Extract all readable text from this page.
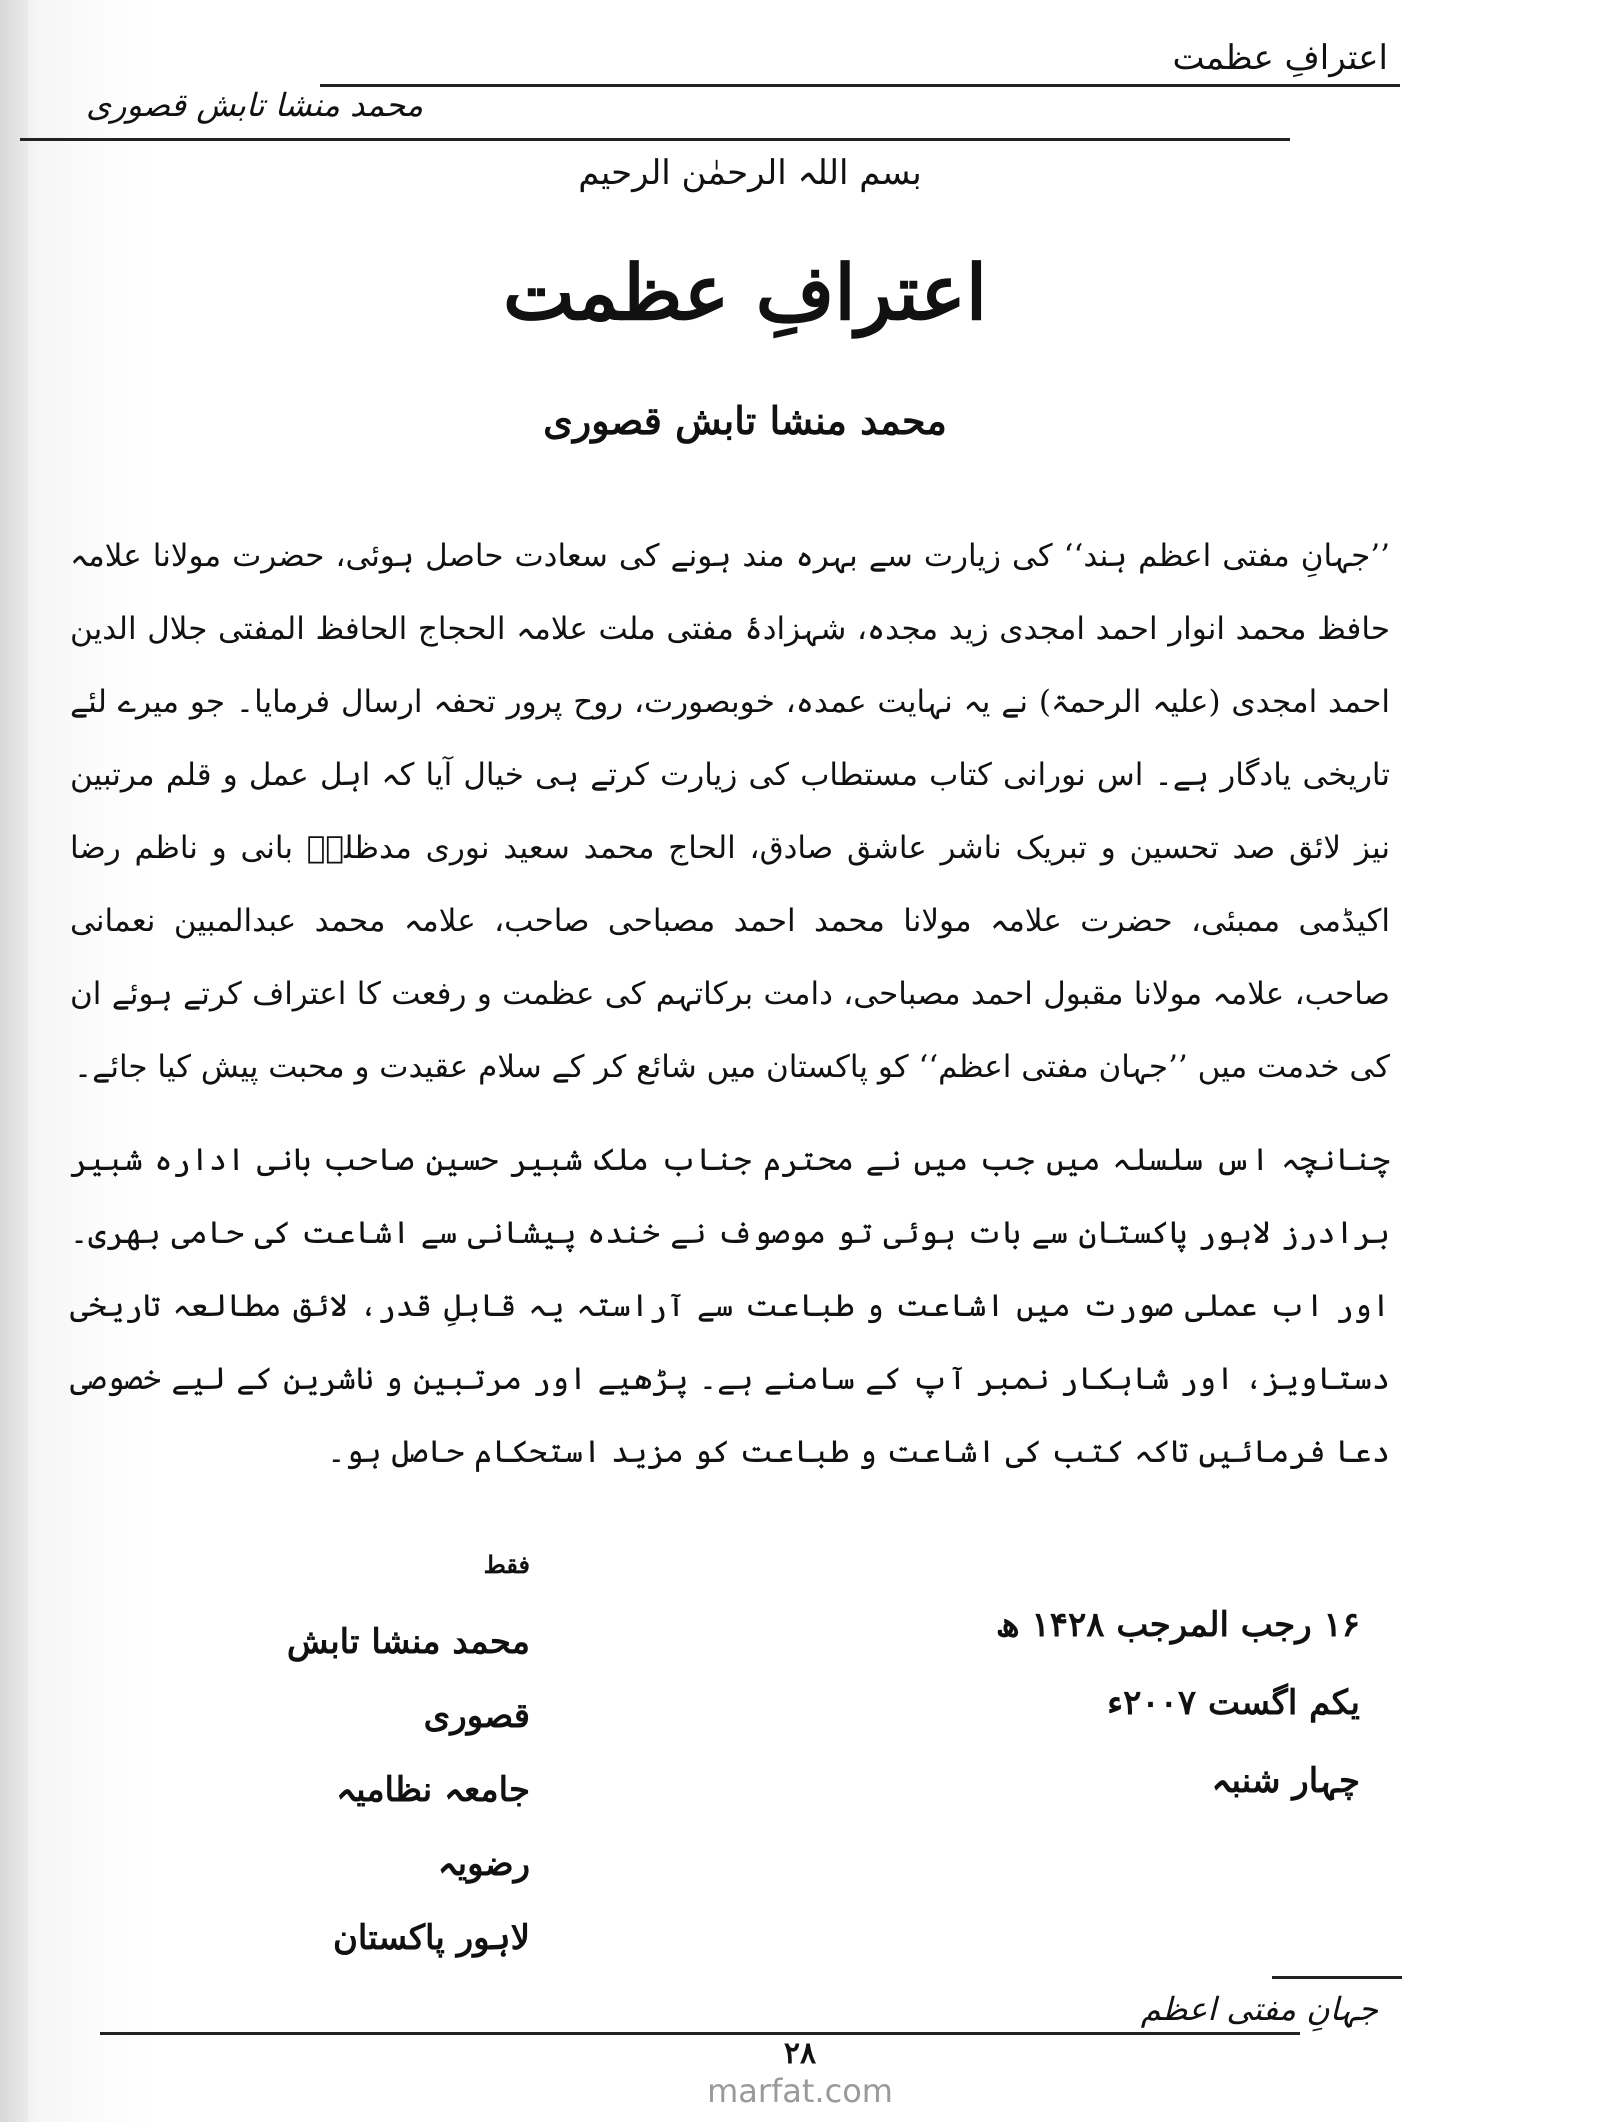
اعترافِ عظمت
محمد منشا تابش قصوری
بسم اللہ الرحمٰن الرحیم
اعترافِ عظمت
محمد منشا تابش قصوری

’’جہانِ مفتی اعظم ہند‘‘ کی زیارت سے بہرہ مند ہونے کی سعادت حاصل ہوئی، حضرت مولانا علامہ حافظ محمد انوار احمد امجدی زید مجدہ، شہزادۂ مفتی ملت علامہ الحجاج الحافظ المفتی جلال الدین احمد امجدی (علیہ الرحمۃ) نے یہ نہایت عمدہ، خوبصورت، روح پرور تحفہ ارسال فرمایا۔ جو میرے لئے تاریخی یادگار ہے۔ اس نورانی کتاب مستطاب کی زیارت کرتے ہی خیال آیا کہ اہل عمل و قلم مرتبین نیز لائق صد تحسین و تبریک ناشر عاشق صادق، الحاج محمد سعید نوری مدظلہٗ بانی و ناظم رضا اکیڈمی ممبئی، حضرت علامہ مولانا محمد احمد مصباحی صاحب، علامہ محمد عبدالمبین نعمانی صاحب، علامہ مولانا مقبول احمد مصباحی، دامت برکاتہم کی عظمت و رفعت کا اعتراف کرتے ہوئے ان کی خدمت میں ’’جہان مفتی اعظم‘‘ کو پاکستان میں شائع کر کے سلام عقیدت و محبت پیش کیا جائے۔

چنانچہ اس سلسلہ میں جب میں نے محترم جناب ملک شبیر حسین صاحب بانی ادارہ شبیر برادرز لاہور پاکستان سے بات ہوئی تو موصوف نے خندہ پیشانی سے اشاعت کی حامی بھری۔ اور اب عملی صورت میں اشاعت و طباعت سے آراستہ یہ قابلِ قدر، لائق مطالعہ تاریخی دستاویز، اور شاہکار نمبر آپ کے سامنے ہے۔ پڑھیے اور مرتبین و ناشرین کے لیے خصوصی دعا فرمائیں تاکہ کتب کی اشاعت و طباعت کو مزید استحکام حاصل ہو۔

فقط
محمد منشا تابش قصوری
جامعہ نظامیہ رضویہ
لاہور پاکستان
۱۶ رجب المرجب ۱۴۲۸ ھ
یکم اگست ۲۰۰۷ء
چہار شنبہ
جہانِ مفتی اعظم
۲۸
marfat.com
